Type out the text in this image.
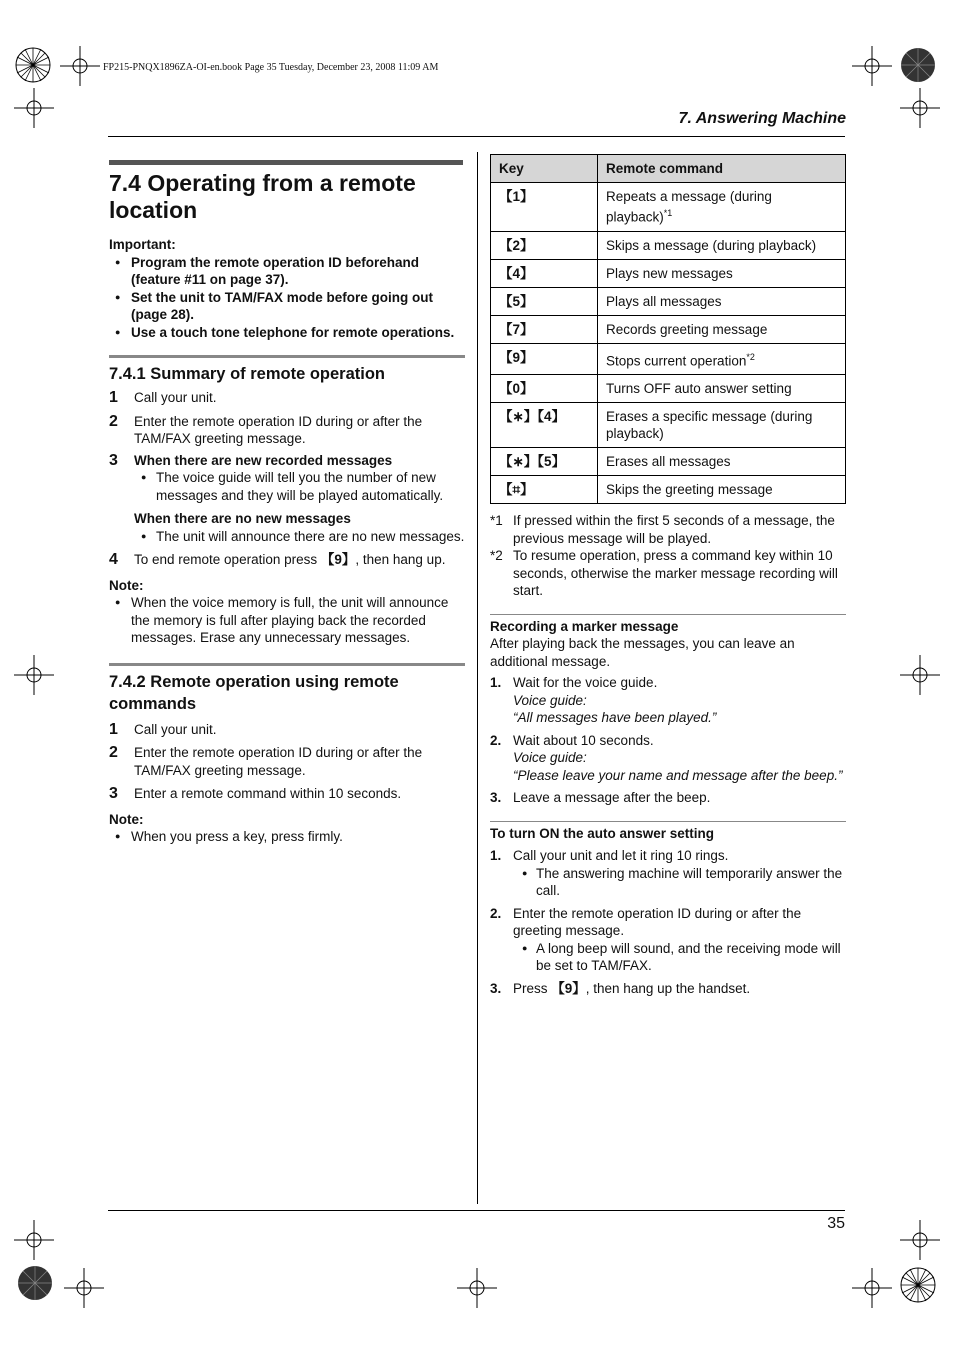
FP215-PNQX1896ZA-OI-en.book Page 35 Tuesday, December 23, 2008 11:09 AM
7. Answering Machine
7.4 Operating from a remote location
Important:
● Program the remote operation ID beforehand (feature #11 on page 37).
● Set the unit to TAM/FAX mode before going out (page 28).
● Use a touch tone telephone for remote operations.
7.4.1 Summary of remote operation
1 Call your unit.
2 Enter the remote operation ID during or after the TAM/FAX greeting message.
3 When there are new recorded messages
● The voice guide will tell you the number of new messages and they will be played automatically.
When there are no new messages
● The unit will announce there are no new messages.
4 To end remote operation press 【9】, then hang up.
Note:
● When the voice memory is full, the unit will announce the memory is full after playing back the recorded messages. Erase any unnecessary messages.
7.4.2 Remote operation using remote commands
1 Call your unit.
2 Enter the remote operation ID during or after the TAM/FAX greeting message.
3 Enter a remote command within 10 seconds.
Note:
● When you press a key, press firmly.
Key	Remote command
【1】	Repeats a message (during playback)$^{*1}$
【2】	Skips a message (during playback)
【4】	Plays new messages
【5】	Plays all messages
【7】	Records greeting message
【9】	Stops current operation$^{*2}$
【0】	Turns OFF auto answer setting
【∗】【4】	Erases a specific message (during playback)
【∗】【5】	Erases all messages
【⌗】	Skips the greeting message
*1 If pressed within the first 5 seconds of a message, the previous message will be played.
*2 To resume operation, press a command key within 10 seconds, otherwise the marker message recording will start.
Recording a marker message
After playing back the messages, you can leave an additional message.
1. Wait for the voice guide.
Voice guide:
“All messages have been played.”
2. Wait about 10 seconds.
Voice guide:
“Please leave your name and message after the beep.”
3. Leave a message after the beep.
To turn ON the auto answer setting
1. Call your unit and let it ring 10 rings.
● The answering machine will temporarily answer the call.
2. Enter the remote operation ID during or after the greeting message.
● A long beep will sound, and the receiving mode will be set to TAM/FAX.
3. Press 【9】, then hang up the handset.
35
